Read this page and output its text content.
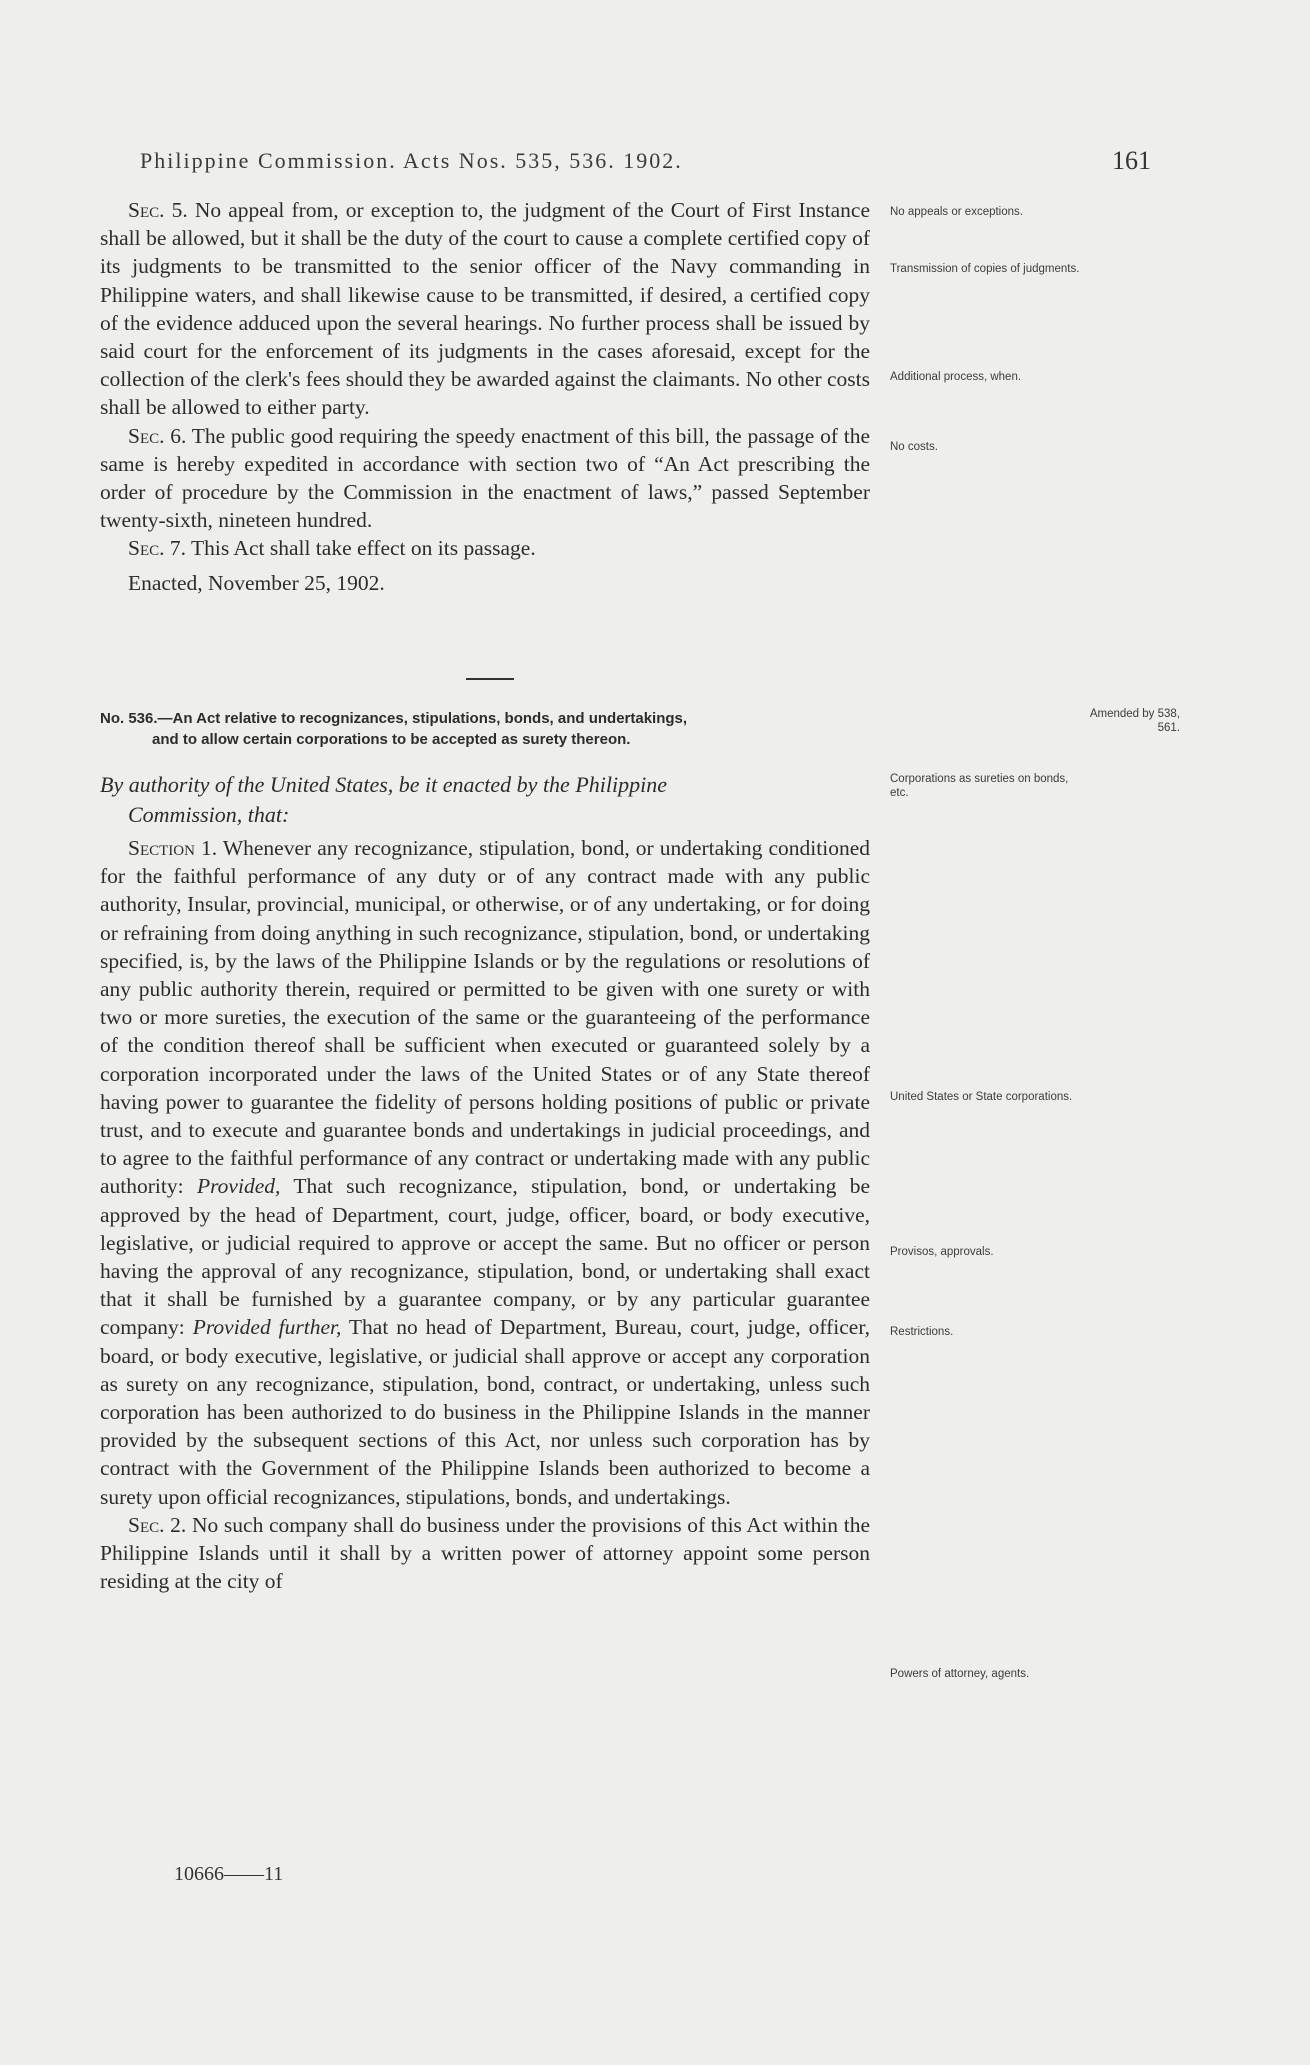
Philippine Commission. Acts Nos. 535, 536. 1902.	161

Sec. 5. No appeal from, or exception to, the judgment of the Court of First Instance shall be allowed, but it shall be the duty of the court to cause a complete certified copy of its judgments to be transmitted to the senior officer of the Navy commanding in Philippine waters, and shall likewise cause to be transmitted, if desired, a certified copy of the evidence adduced upon the several hearings. No further process shall be issued by said court for the enforcement of its judgments in the cases aforesaid, except for the collection of the clerk's fees should they be awarded against the claimants. No other costs shall be allowed to either party.

Sec. 6. The public good requiring the speedy enactment of this bill, the passage of the same is hereby expedited in accordance with section two of “An Act prescribing the order of procedure by the Commission in the enactment of laws,” passed September twenty-sixth, nineteen hundred.

Sec. 7. This Act shall take effect on its passage.

Enacted, November 25, 1902.

No. 536.—An Act relative to recognizances, stipulations, bonds, and undertakings,
and to allow certain corporations to be accepted as surety thereon.
By authority of the United States, be it enacted by the Philippine
Commission, that:

Section 1. Whenever any recognizance, stipulation, bond, or undertaking conditioned for the faithful performance of any duty or of any contract made with any public authority, Insular, provincial, municipal, or otherwise, or of any undertaking, or for doing or refraining from doing anything in such recognizance, stipulation, bond, or undertaking specified, is, by the laws of the Philippine Islands or by the regulations or resolutions of any public authority therein, required or permitted to be given with one surety or with two or more sureties, the execution of the same or the guaranteeing of the performance of the condition thereof shall be sufficient when executed or guaranteed solely by a corporation incorporated under the laws of the United States or of any State thereof having power to guarantee the fidelity of persons holding positions of public or private trust, and to execute and guarantee bonds and undertakings in judicial proceedings, and to agree to the faithful performance of any contract or undertaking made with any public authority: Provided, That such recognizance, stipulation, bond, or undertaking be approved by the head of Department, court, judge, officer, board, or body executive, legislative, or judicial required to approve or accept the same. But no officer or person having the approval of any recognizance, stipulation, bond, or undertaking shall exact that it shall be furnished by a guarantee company, or by any particular guarantee company: Provided further, That no head of Department, Bureau, court, judge, officer, board, or body executive, legislative, or judicial shall approve or accept any corporation as surety on any recognizance, stipulation, bond, contract, or undertaking, unless such corporation has been authorized to do business in the Philippine Islands in the manner provided by the subsequent sections of this Act, nor unless such corporation has by contract with the Government of the Philippine Islands been authorized to become a surety upon official recognizances, stipulations, bonds, and undertakings.

Sec. 2. No such company shall do business under the provisions of this Act within the Philippine Islands until it shall by a written power of attorney appoint some person residing at the city of

No appeals or exceptions.
Transmission of copies of judgments.
Additional process, when.
No costs.
Amended by 538, 561.
Corporations as sureties on bonds, etc.
United States or State corporations.
Provisos, approvals.
Restrictions.
Powers of attorney, agents.
10666——11
